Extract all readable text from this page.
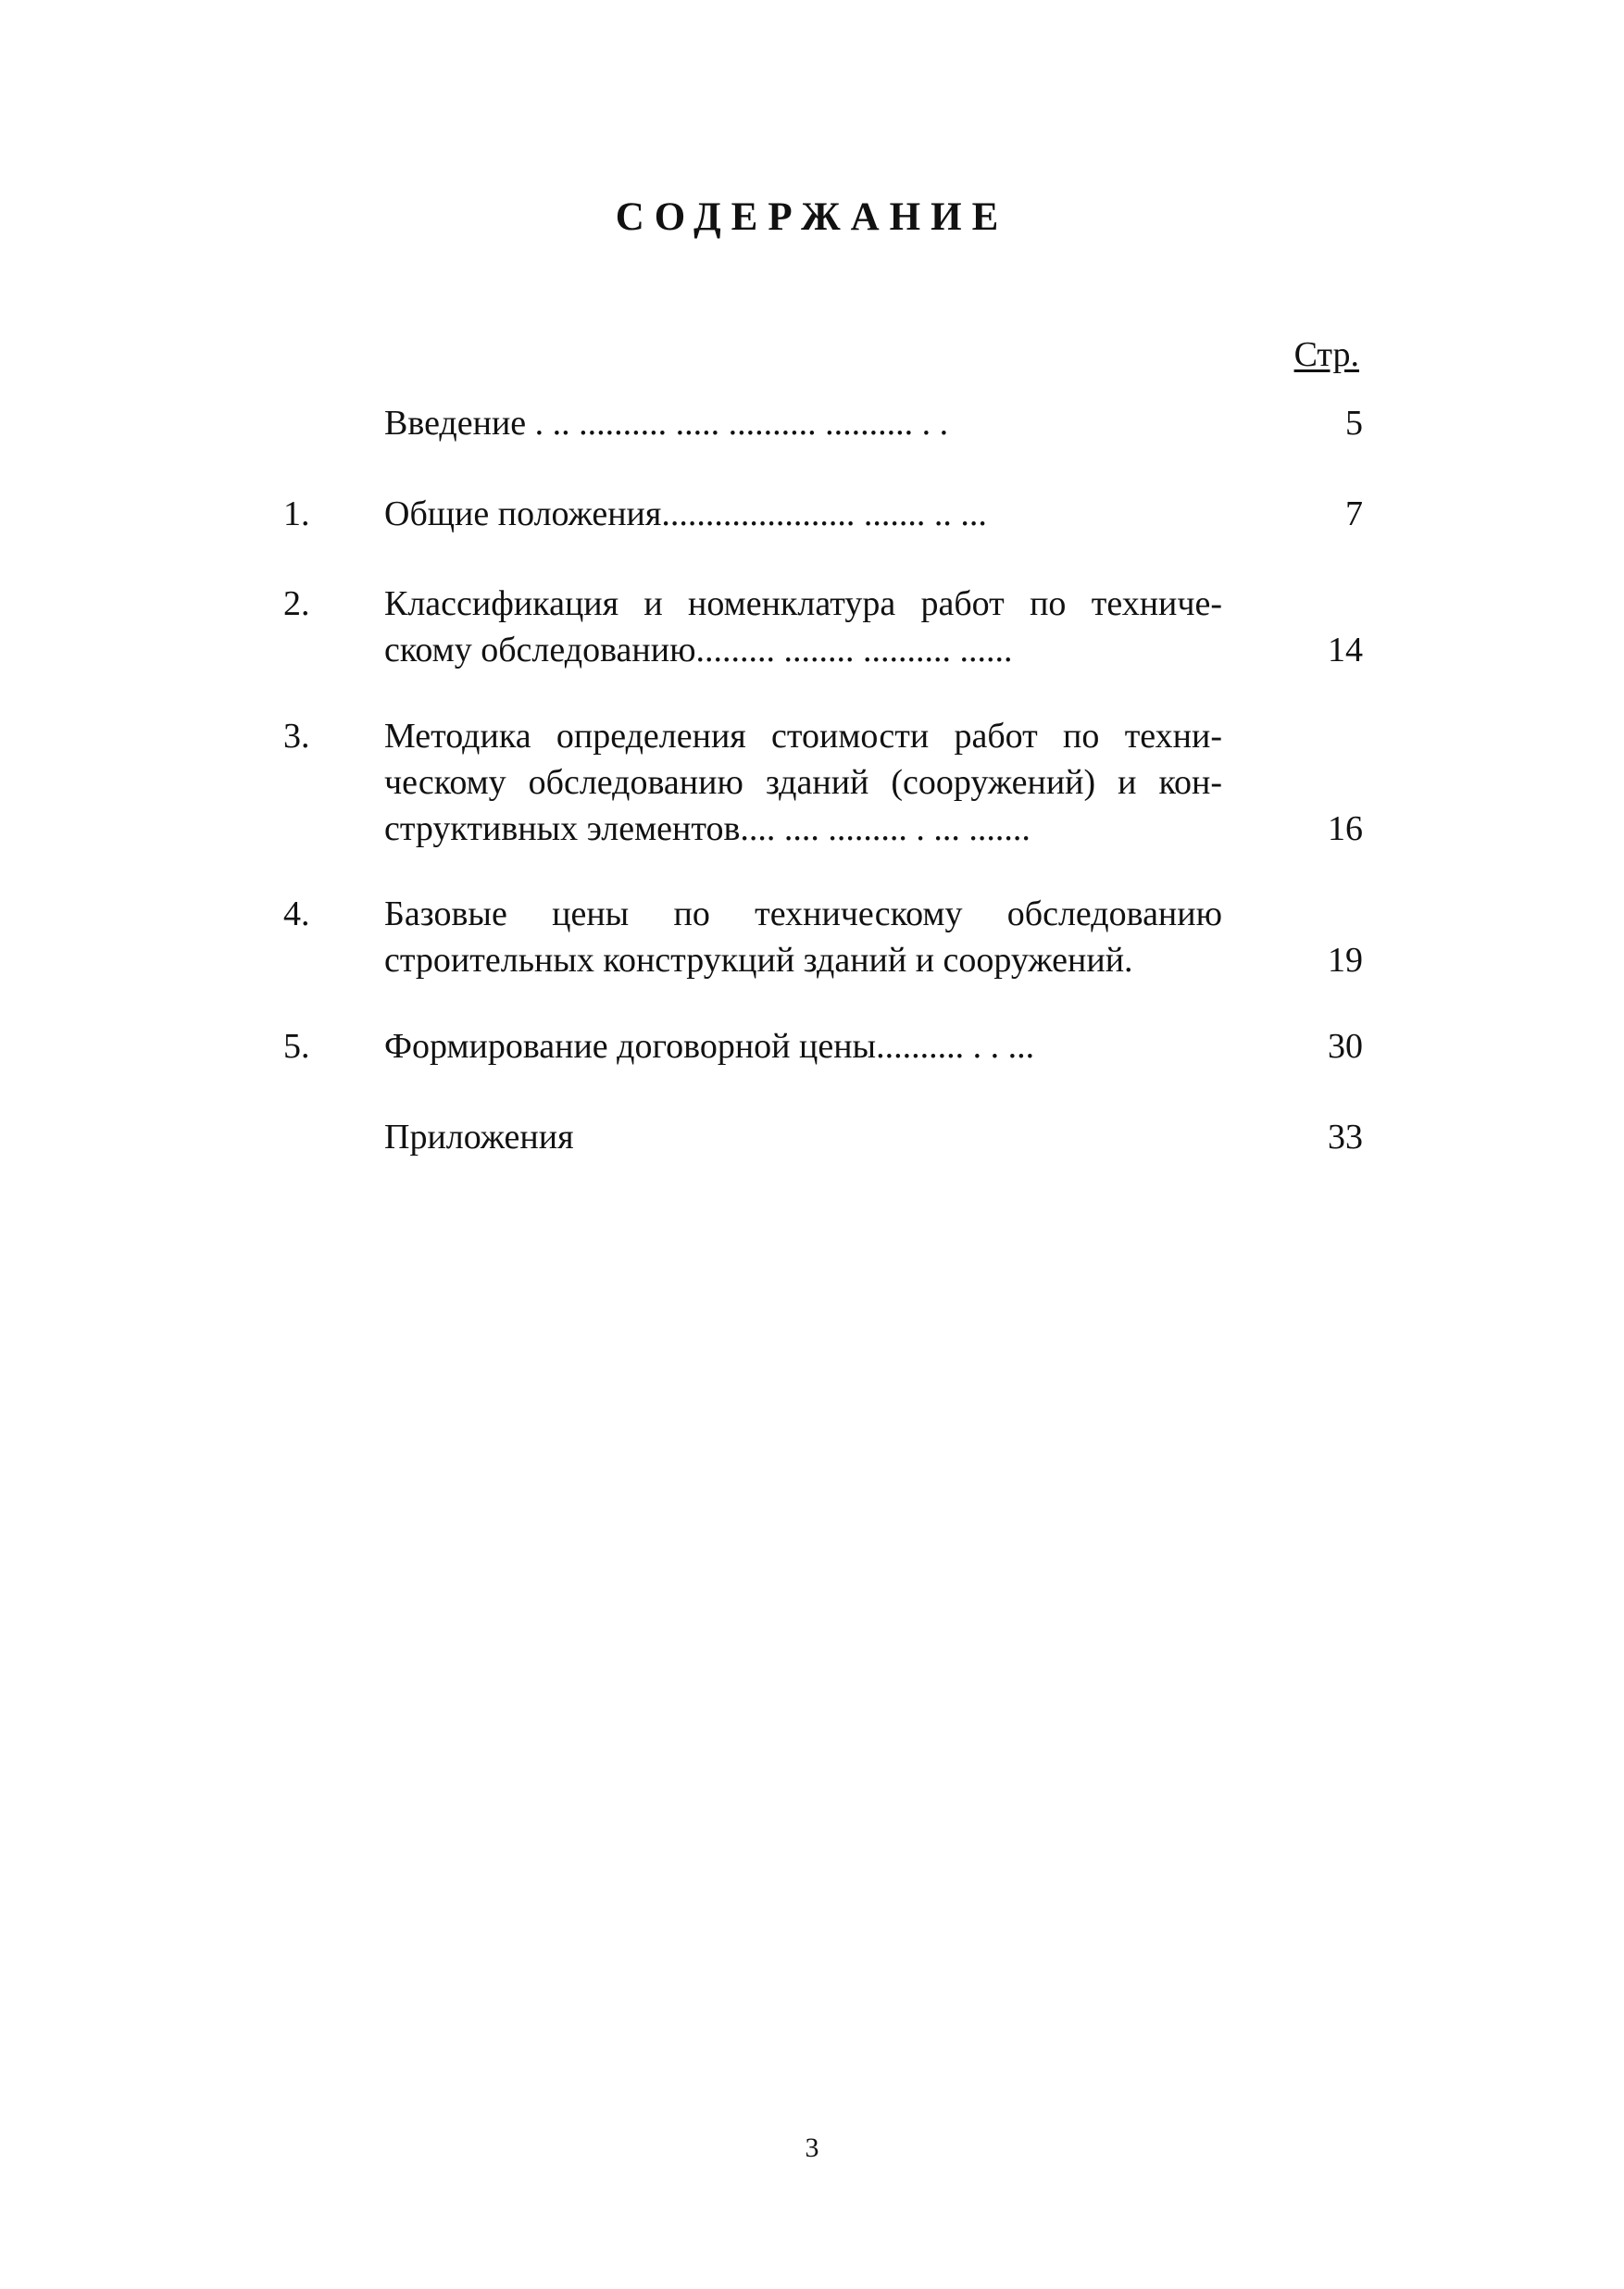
СОДЕРЖАНИЕ
Стр.
Введение . .. .......... ..... .......... .......... . .	5
1. Общие положения...................... ....... .. ...	7
2. Классификация и номенклатура работ по техниче-
скому обследованию......... ........ .......... ......	14
3. Методика определения стоимости работ по техни-
ческому обследованию зданий (сооружений) и кон-
структивных элементов.... .... ......... . ... .......	16
4. Базовые цены по техническому обследованию
строительных конструкций зданий и сооружений.	19
5. Формирование договорной цены.......... . . ...	30
Приложения	33
3
